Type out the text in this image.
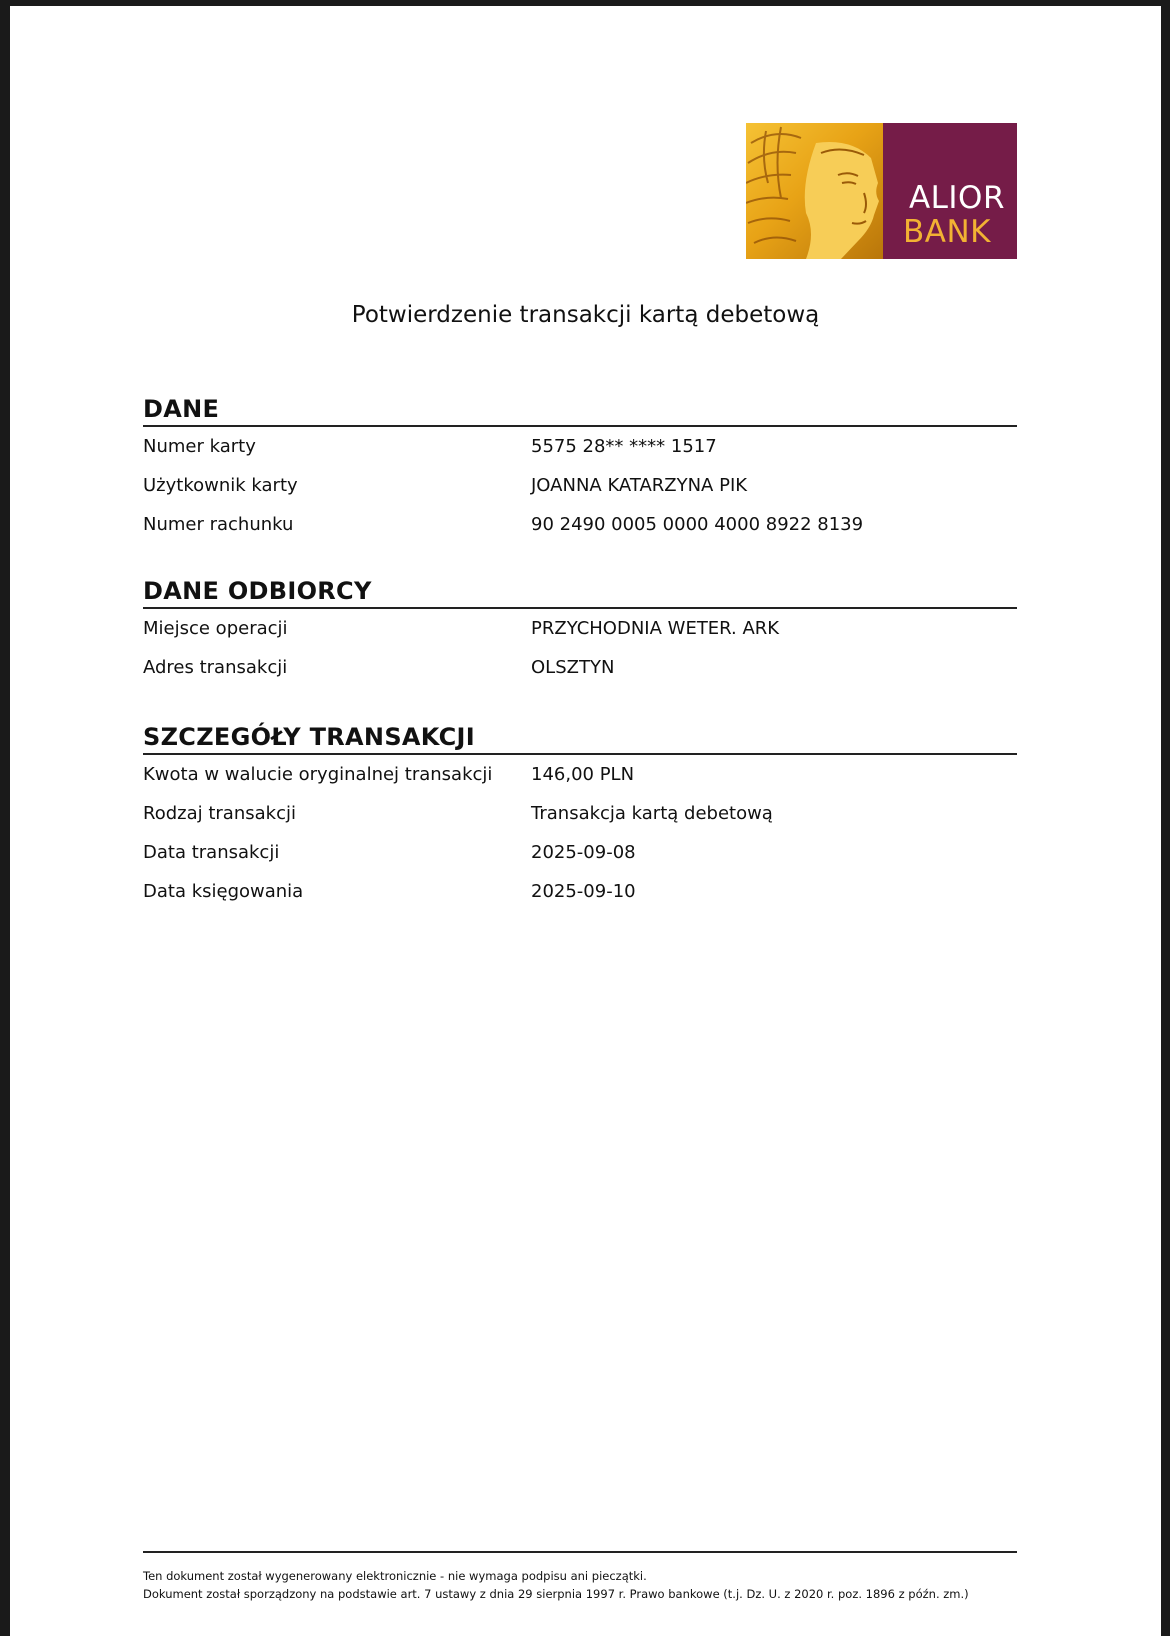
ALIOR
BANK
Potwierdzenie transakcji kartą debetową
DANE
Numer karty	5575 28** **** 1517
Użytkownik karty	JOANNA KATARZYNA PIK
Numer rachunku	90 2490 0005 0000 4000 8922 8139
DANE ODBIORCY
Miejsce operacji	PRZYCHODNIA WETER. ARK
Adres transakcji	OLSZTYN
SZCZEGÓŁY TRANSAKCJI
Kwota w walucie oryginalnej transakcji	146,00 PLN
Rodzaj transakcji	Transakcja kartą debetową
Data transakcji	2025-09-08
Data księgowania	2025-09-10
Ten dokument został wygenerowany elektronicznie - nie wymaga podpisu ani pieczątki.
Dokument został sporządzony na podstawie art. 7 ustawy z dnia 29 sierpnia 1997 r. Prawo bankowe (t.j. Dz. U. z 2020 r. poz. 1896 z późn. zm.)
